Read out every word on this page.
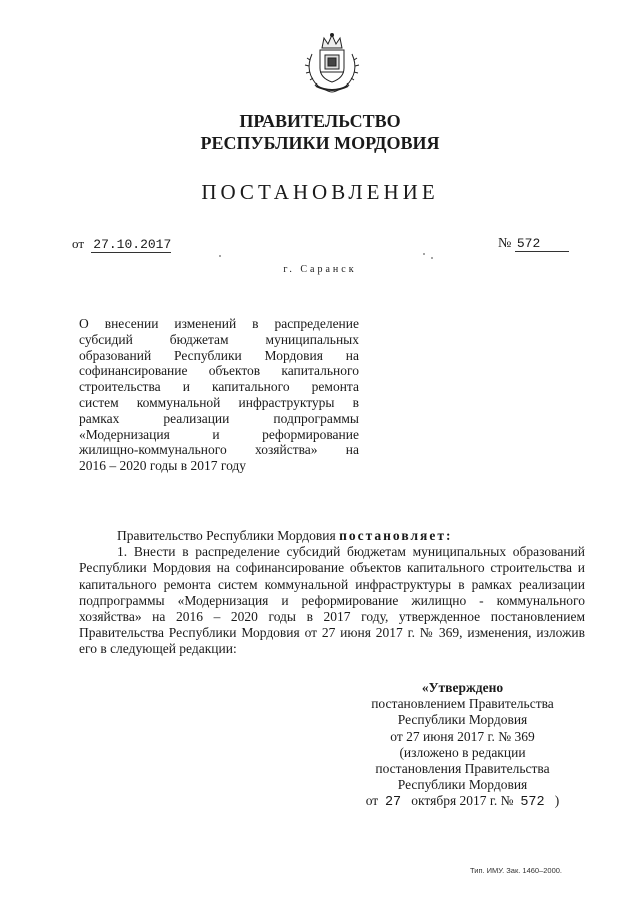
ПРАВИТЕЛЬСТВО
РЕСПУБЛИКИ МОРДОВИЯ
ПОСТАНОВЛЕНИЕ
от 27.10.2017	№ 572
г. Саранск
О внесении изменений в распределение
субсидий бюджетам муниципальных
образований Республики Мордовия на
софинансирование объектов капитального
строительства и капитального ремонта
систем коммунальной инфраструктуры в
рамках реализации подпрограммы
«Модернизация и реформирование
жилищно-коммунального хозяйства» на
2016 – 2020 годы в 2017 году
Правительство Республики Мордовия постановляет:
1. Внести в распределение субсидий бюджетам муниципальных образований Республики Мордовия на софинансирование объектов капитального строительства и капитального ремонта систем коммунальной инфраструктуры в рамках реализации подпрограммы «Модернизация и реформирование жилищно - коммунального хозяйства» на 2016 – 2020 годы в 2017 году, утвержденное постановлением Правительства Республики Мордовия от 27 июня 2017 г. № 369, изменения, изложив его в следующей редакции:
«Утверждено
постановлением Правительства
Республики Мордовия
от 27 июня 2017 г. № 369
(изложено в редакции
постановления Правительства
Республики Мордовия
от 27 октября 2017 г. № 572 )
Тип. ИМУ. Зак. 1460–2000.
